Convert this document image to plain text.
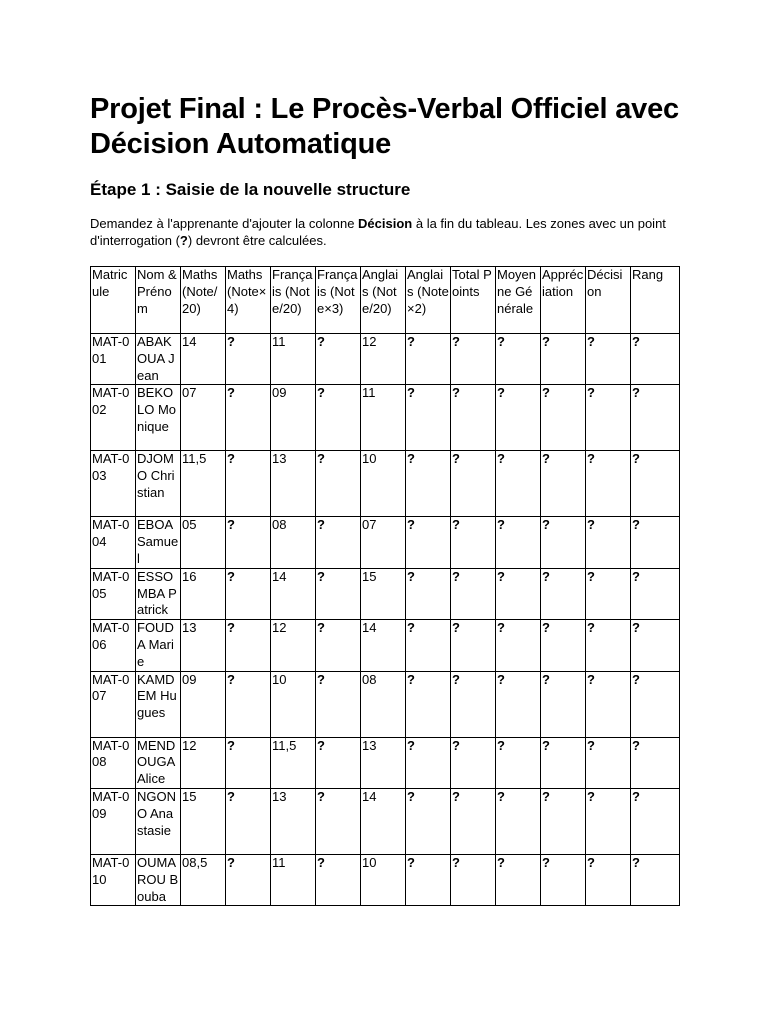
Projet Final : Le Procès-Verbal Officiel avec Décision Automatique
Étape 1 : Saisie de la nouvelle structure

Demandez à l'apprenante d'ajouter la colonne Décision à la fin du tableau. Les zones avec un point d'interrogation (?) devront être calculées.

Matricule	Nom & Prénom	Maths (Note/20)	Maths (Note×4)	Français (Note/20)	Français (Note×3)	Anglais (Note/20)	Anglais (Note×2)	Total Points	Moyenne Générale	Appréciation	Décision	Rang
MAT-001	ABAKOUA Jean	14	?	11	?	12	?	?	?	?	?	?
MAT-002	BEKOLO Monique	07	?	09	?	11	?	?	?	?	?	?
MAT-003	DJOMO Christian	11,5	?	13	?	10	?	?	?	?	?	?
MAT-004	EBOA Samuel	05	?	08	?	07	?	?	?	?	?	?
MAT-005	ESSOMBA Patrick	16	?	14	?	15	?	?	?	?	?	?
MAT-006	FOUDA Marie	13	?	12	?	14	?	?	?	?	?	?
MAT-007	KAMDEM Hugues	09	?	10	?	08	?	?	?	?	?	?
MAT-008	MENDOUGA Alice	12	?	11,5	?	13	?	?	?	?	?	?
MAT-009	NGONO Anastasie	15	?	13	?	14	?	?	?	?	?	?
MAT-010	OUMAROU Bouba	08,5	?	11	?	10	?	?	?	?	?	?
